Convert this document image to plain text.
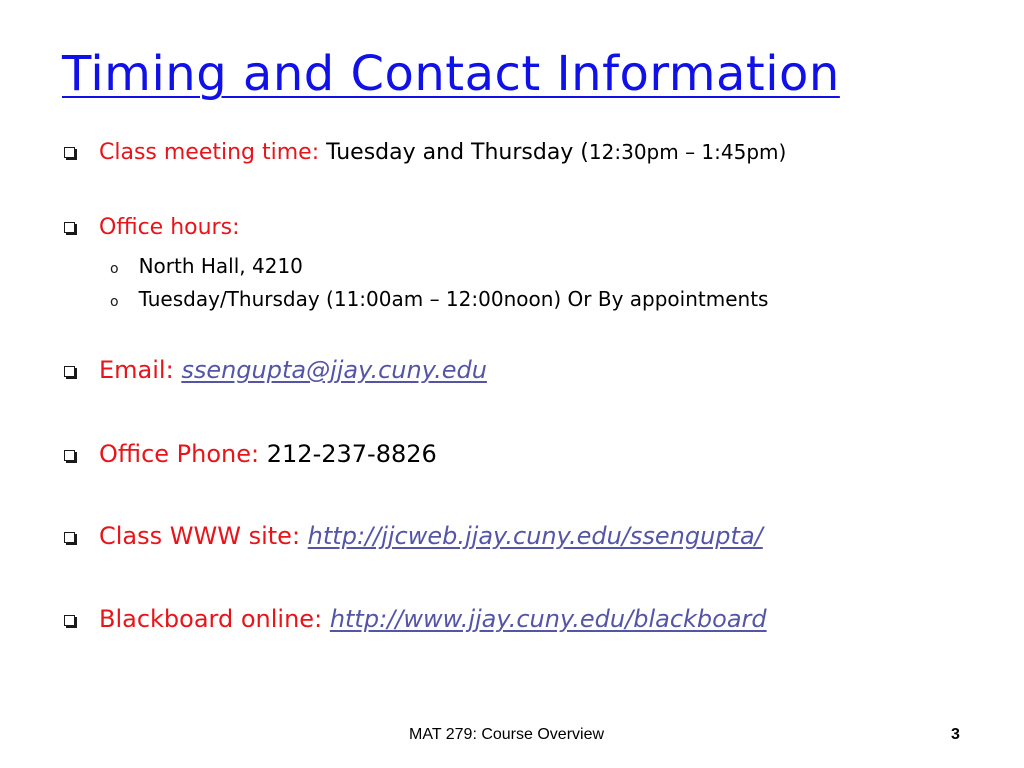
Timing and Contact Information
Class meeting time:
Tuesday and Thursday ( 12:30pm – 1:45pm)
Office hours:
o North Hall, 4210
o Tuesday/Thursday (11:00am – 12:00noon) Or By appointments
Email:
ssengupta@jjay.cuny.edu
Office Phone:
212-237-8826
Class WWW site:
http://jjcweb.jjay.cuny.edu/ssengupta/
Blackboard online:
http://www.jjay.cuny.edu/blackboard
MAT 279: Course Overview	3
